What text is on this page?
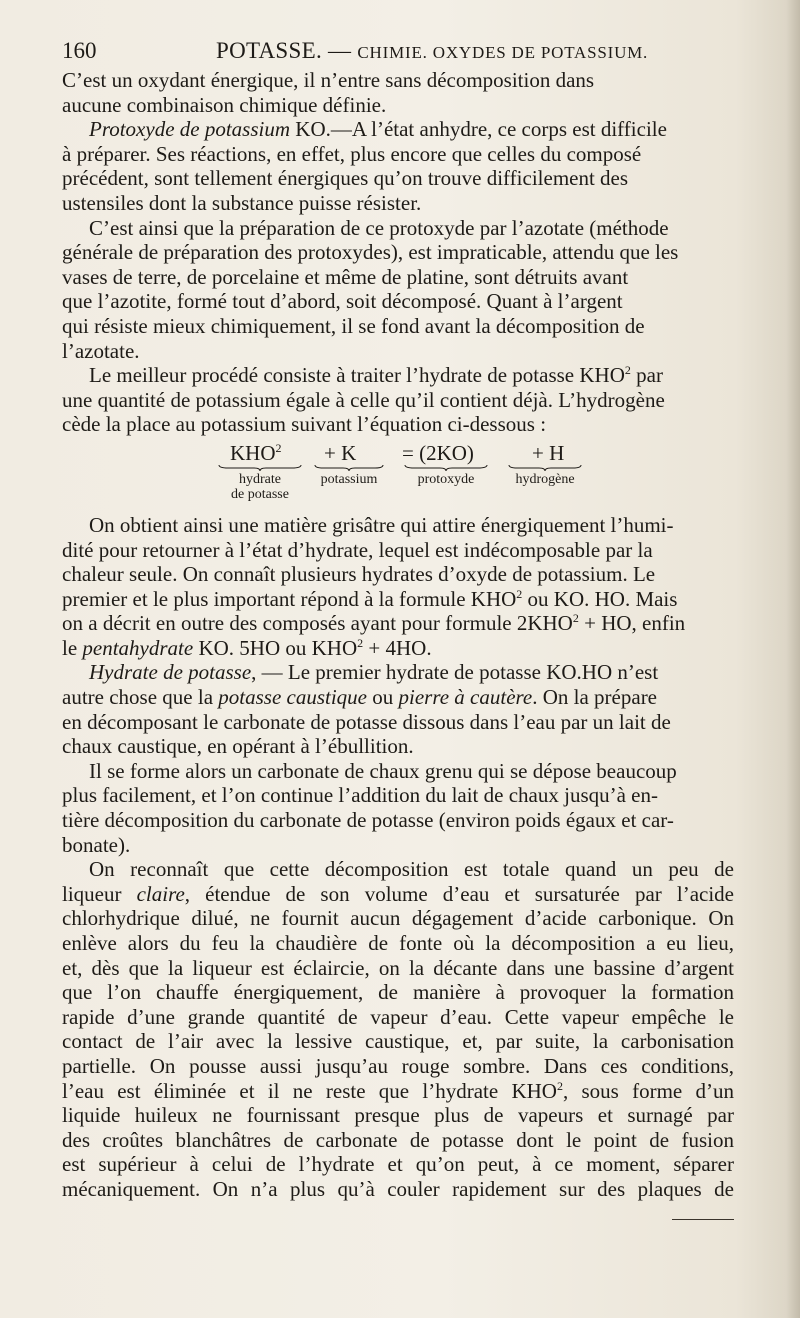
160	POTASSE. — CHIMIE. OXYDES DE POTASSIUM.

C’est un oxydant énergique, il n’entre sans décomposition dans
aucune combinaison chimique définie.

Protoxyde de potassium KO.—A l’état anhydre, ce corps est difficile
à préparer. Ses réactions, en effet, plus encore que celles du composé
précédent, sont tellement énergiques qu’on trouve difficilement des
ustensiles dont la substance puisse résister.

C’est ainsi que la préparation de ce protoxyde par l’azotate (méthode
générale de préparation des protoxydes), est impraticable, attendu que les
vases de terre, de porcelaine et même de platine, sont détruits avant
que l’azotite, formé tout d’abord, soit décomposé. Quant à l’argent
qui résiste mieux chimiquement, il se fond avant la décomposition de
l’azotate.

Le meilleur procédé consiste à traiter l’hydrate de potasse KHO$^2$ par
une quantité de potassium égale à celle qu’il contient déjà. L’hydrogène
cède la place au potassium suivant l’équation ci-dessous :

$KHO^2 + K = (2KO)$	+ H
hydrate
de potasse
potassium	protoxyde	hydrogène

On obtient ainsi une matière grisâtre qui attire énergiquement l’humi-
dité pour retourner à l’état d’hydrate, lequel est indécomposable par la
chaleur seule. On connaît plusieurs hydrates d’oxyde de potassium. Le
premier et le plus important répond à la formule KHO$^2$ ou KO. HO. Mais
on a décrit en outre des composés ayant pour formule $2KHO^2$ + HO, enfin
le pentahydrate KO. 5HO ou $KHO^2 + 4HO$.

Hydrate de potasse, — Le premier hydrate de potasse KO.HO n’est
autre chose que la potasse caustique ou pierre à cautère. On la prépare
en décomposant le carbonate de potasse dissous dans l’eau par un lait de
chaux caustique, en opérant à l’ébullition.

Il se forme alors un carbonate de chaux grenu qui se dépose beaucoup
plus facilement, et l’on continue l’addition du lait de chaux jusqu’à en-
tière décomposition du carbonate de potasse (environ poids égaux et car-
bonate).

On reconnaît que cette décomposition est totale quand un peu de
liqueur claire, étendue de son volume d’eau et sursaturée par l’acide
chlorhydrique dilué, ne fournit aucun dégagement d’acide carbonique. On
enlève alors du feu la chaudière de fonte où la décomposition a eu lieu,
et, dès que la liqueur est éclaircie, on la décante dans une bassine d’argent
que l’on chauffe énergiquement, de manière à provoquer la formation
rapide d’une grande quantité de vapeur d’eau. Cette vapeur empêche le
contact de l’air avec la lessive caustique, et, par suite, la carbonisation
partielle. On pousse aussi jusqu’au rouge sombre. Dans ces conditions,
l’eau est éliminée et il ne reste que l’hydrate KHO$^2$, sous forme d’un
liquide huileux ne fournissant presque plus de vapeurs et surnagé par
des croûtes blanchâtres de carbonate de potasse dont le point de fusion
est supérieur à celui de l’hydrate et qu’on peut, à ce moment, séparer
mécaniquement. On n’a plus qu’à couler rapidement sur des plaques de
